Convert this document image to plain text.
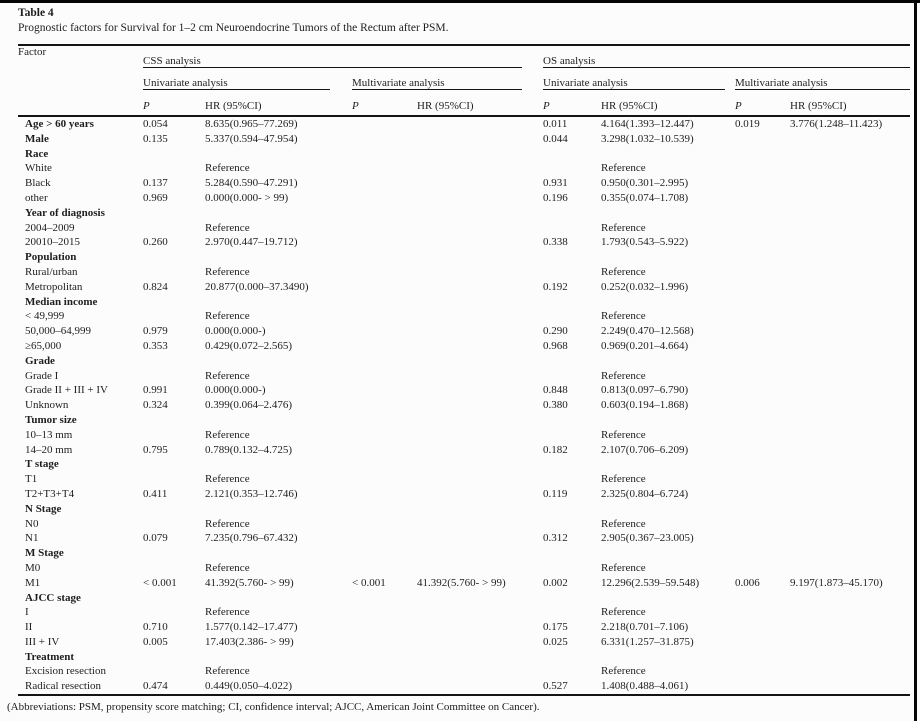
Table 4
Prognostic factors for Survival for 1–2 cm Neuroendocrine Tumors of the Rectum after PSM.
Factor	CSS analysis						OS analysis				
	Univariate analysis			Multivariate analysis			Univariate analysis			Multivariate analysis	
	P	HR (95%CI)		P	HR (95%CI)		P	HR (95%CI)		P	HR (95%CI)
Age > 60 years	0.054	8.635(0.965–77.269)					0.011	4.164(1.393–12.447)		0.019	3.776(1.248–11.423)
Male	0.135	5.337(0.594–47.954)					0.044	3.298(1.032–10.539)			
Race											
White		Reference						Reference			
Black	0.137	5.284(0.590–47.291)					0.931	0.950(0.301–2.995)			
other	0.969	0.000(0.000- > 99)					0.196	0.355(0.074–1.708)			
Year of diagnosis											
2004–2009		Reference						Reference			
20010–2015	0.260	2.970(0.447–19.712)					0.338	1.793(0.543–5.922)			
Population											
Rural/urban		Reference						Reference			
Metropolitan	0.824	20.877(0.000–37.3490)					0.192	0.252(0.032–1.996)			
Median income											
< 49,999		Reference						Reference			
50,000–64,999	0.979	0.000(0.000-)					0.290	2.249(0.470–12.568)			
≥65,000	0.353	0.429(0.072–2.565)					0.968	0.969(0.201–4.664)			
Grade											
Grade I		Reference						Reference			
Grade II + III + IV	0.991	0.000(0.000-)					0.848	0.813(0.097–6.790)			
Unknown	0.324	0.399(0.064–2.476)					0.380	0.603(0.194–1.868)			
Tumor size											
10–13 mm		Reference						Reference			
14–20 mm	0.795	0.789(0.132–4.725)					0.182	2.107(0.706–6.209)			
T stage											
T1		Reference						Reference			
T2+T3+T4	0.411	2.121(0.353–12.746)					0.119	2.325(0.804–6.724)			
N Stage											
N0		Reference						Reference			
N1	0.079	7.235(0.796–67.432)					0.312	2.905(0.367–23.005)			
M Stage											
M0		Reference						Reference			
M1	< 0.001	41.392(5.760- > 99)		< 0.001	41.392(5.760- > 99)		0.002	12.296(2.539–59.548)		0.006	9.197(1.873–45.170)
AJCC stage											
I		Reference						Reference			
II	0.710	1.577(0.142–17.477)					0.175	2.218(0.701–7.106)			
III + IV	0.005	17.403(2.386- > 99)					0.025	6.331(1.257–31.875)			
Treatment											
Excision resection		Reference						Reference			
Radical resection	0.474	0.449(0.050–4.022)					0.527	1.408(0.488–4.061)			
(Abbreviations: PSM, propensity score matching; CI, confidence interval; AJCC, American Joint Committee on Cancer).
